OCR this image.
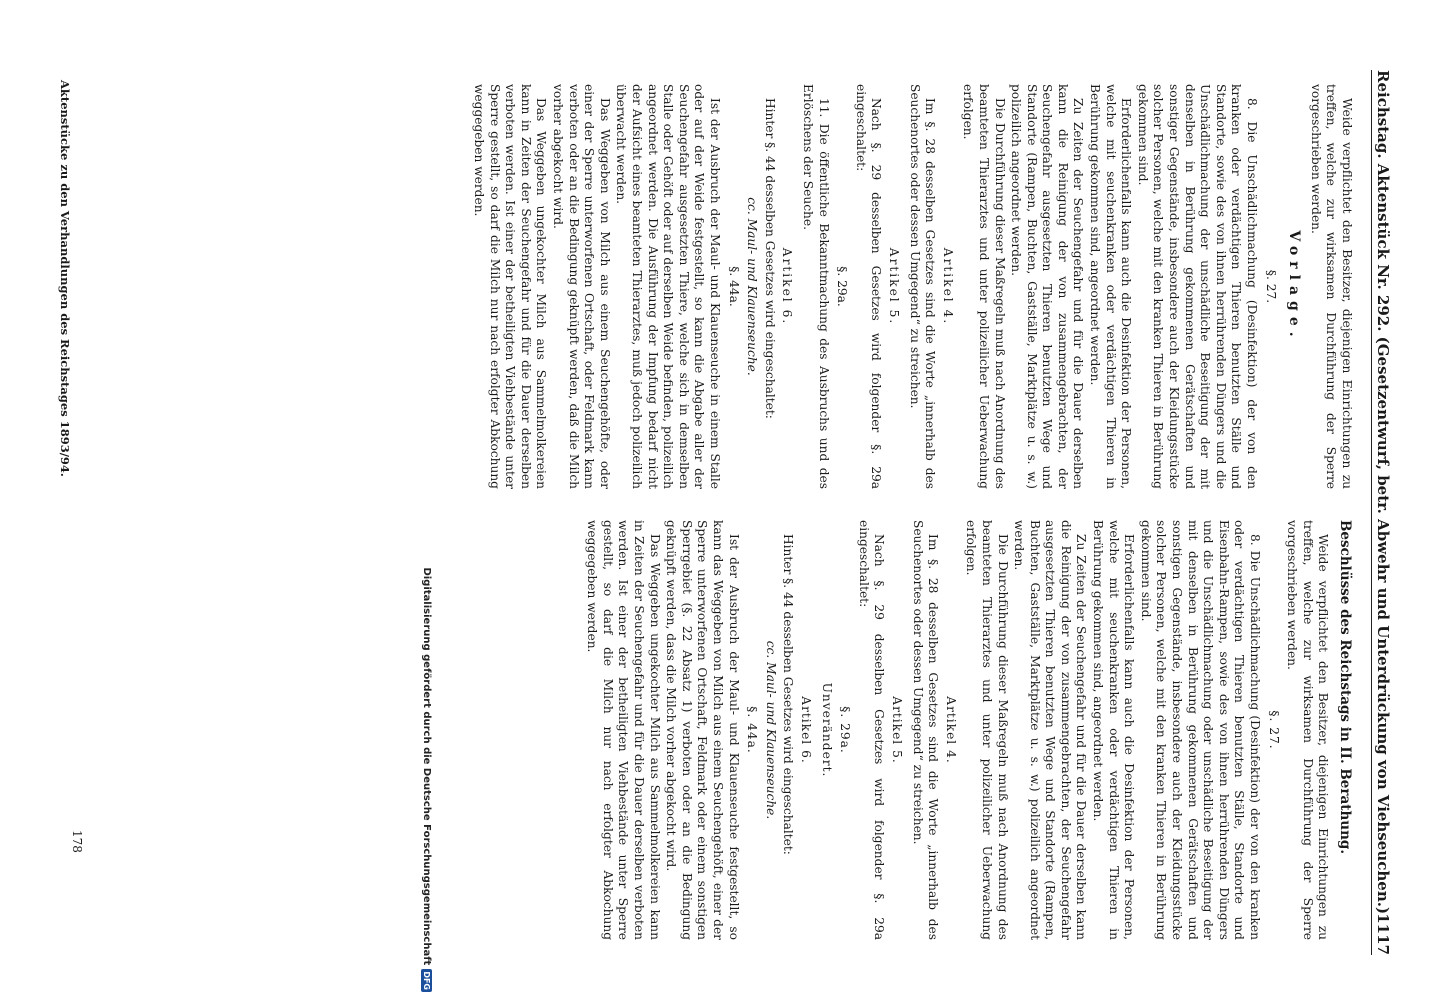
Reichstag. Aktenstück Nr. 292. (Gesetzentwurf, betr. Abwehr und Unterdrückung von Viehseuchen.)
1117

Weide verpflichtet den Besitzer, diejenigen Einrichtungen zu treffen, welche zur wirksamen Durchführung der Sperre vorgeschrieben werden.

Vorlage.
§. 27.

8. Die Unschädlichmachung (Desinfektion) der von den kranken oder verdächtigen Thieren benutzten Ställe und Standorte, sowie des von ihnen herrührenden Düngers und die Unschädlichmachung der unschädliche Beseitigung der mit denselben in Berührung gekommenen Gerätschaften und sonstiger Gegenstände, insbesondere auch der Kleidungsstücke solcher Personen, welche mit den kranken Thieren in Berührung gekommen sind.

Erforderlichenfalls kann auch die Desinfektion der Personen, welche mit seuchenkranken oder verdächtigen Thieren in Berührung gekommen sind, angeordnet werden.

Zu Zeiten der Seuchengefahr und für die Dauer derselben kann die Reinigung der von zusammengebrachten, der Seuchengefahr ausgesetzten Thieren benutzten Wege und Standorte (Rampen, Buchten, Gastställe, Marktplätze u. s. w.) polizeilich angeordnet werden.

Die Durchführung dieser Maßregeln muß nach Anordnung des beamteten Thierarztes und unter polizeilicher Ueberwachung erfolgen.

Artikel 4.

Im §. 28 desselben Gesetzes sind die Worte „innerhalb des Seuchenortes oder dessen Umgegend“ zu streichen.

Artikel 5.

Nach §. 29 desselben Gesetzes wird folgender §. 29a eingeschaltet:

§. 29a.

11. Die öffentliche Bekanntmachung des Ausbruchs und des Erlöschens der Seuche.

Artikel 6.

Hinter §. 44 desselben Gesetzes wird eingeschaltet:

cc. Maul- und Klauenseuche.
§. 44a.

Ist der Ausbruch der Maul- und Klauenseuche in einem Stalle oder auf der Weide festgestellt, so kann die Abgabe aller der Seuchengefahr ausgesetzten Thiere, welche sich in demselben Stalle oder Gehöft oder auf derselben Weide befinden, polizeilich angeordnet werden. Die Ausführung der Impfung bedarf nicht der Aufsicht eines beamteten Thierarztes, muß jedoch polizeilich überwacht werden.

Das Weggeben von Milch aus einem Seuchengehöfte, oder einer der Sperre unterworfenen Ortschaft, oder Feldmark kann verboten oder an die Bedingung geknüpft werden, daß die Milch vorher abgekocht wird.

Das Weggeben ungekochter Milch aus Sammelmolkereien kann in Zeiten der Seuchengefahr und für die Dauer derselben verboten werden. Ist einer der betheiligten Viehbestände unter Sperre gestellt, so darf die Milch nur nach erfolgter Abkochung weggegeben werden.

Beschlüsse des Reichstags in II. Berathung.

Weide verpflichtet den Besitzer, diejenigen Einrichtungen zu treffen, welche zur wirksamen Durchführung der Sperre vorgeschrieben werden.

§. 27.

8. Die Unschädlichmachung (Desinfektion) der von den kranken oder verdächtigen Thieren benutzten Ställe, Standorte und Eisenbahn-Rampen, sowie des von ihnen herrührenden Düngers und die Unschädlichmachung oder unschädliche Beseitigung der mit denselben in Berührung gekommenen Gerätschaften und sonstigen Gegenstände, insbesondere auch der Kleidungsstücke solcher Personen, welche mit den kranken Thieren in Berührung gekommen sind.

Erforderlichenfalls kann auch die Desinfektion der Personen, welche mit seuchenkranken oder verdächtigen Thieren in Berührung gekommen sind, angeordnet werden.

Zu Zeiten der Seuchengefahr und für die Dauer derselben kann die Reinigung der von zusammengebrachten, der Seuchengefahr ausgesetzten Thieren benutzten Wege und Standorte (Rampen, Buchten, Gastställe, Marktplätze u. s. w.) polizeilich angeordnet werden.

Die Durchführung dieser Maßregeln muß nach Anordnung des beamteten Thierarztes und unter polizeilicher Ueberwachung erfolgen.

Artikel 4.

Im §. 28 desselben Gesetzes sind die Worte „innerhalb des Seuchenortes oder dessen Umgegend“ zu streichen.

Artikel 5.

Nach §. 29 desselben Gesetzes wird folgender §. 29a eingeschaltet:

§. 29a.
Unverändert.
Artikel 6.

Hinter §. 44 desselben Gesetzes wird eingeschaltet:

cc. Maul- und Klauenseuche.
§. 44a.

Ist der Ausbruch der Maul- und Klauenseuche festgestellt, so kann das Weggeben von Milch aus einem Seuchengehöft, einer der Sperre unterworfenen Ortschaft, Feldmark oder einem sonstigen Sperrgebiet (§. 22 Absatz 1) verboten oder an die Bedingung geknüpft werden, dass die Milch vorher abgekocht wird.

Das Weggeben ungekochter Milch aus Sammelmolkereien kann in Zeiten der Seuchengefahr und für die Dauer derselben verboten werden. Ist einer der betheiligten Viehbestände unter Sperre gestellt, so darf die Milch nur nach erfolgter Abkochung weggegeben werden.

Aktenstücke zu den Verhandlungen des Reichstages 1893/94.
178	Digitalisierung gefördert durch die Deutsche Forschungsgemeinschaft
DFG
